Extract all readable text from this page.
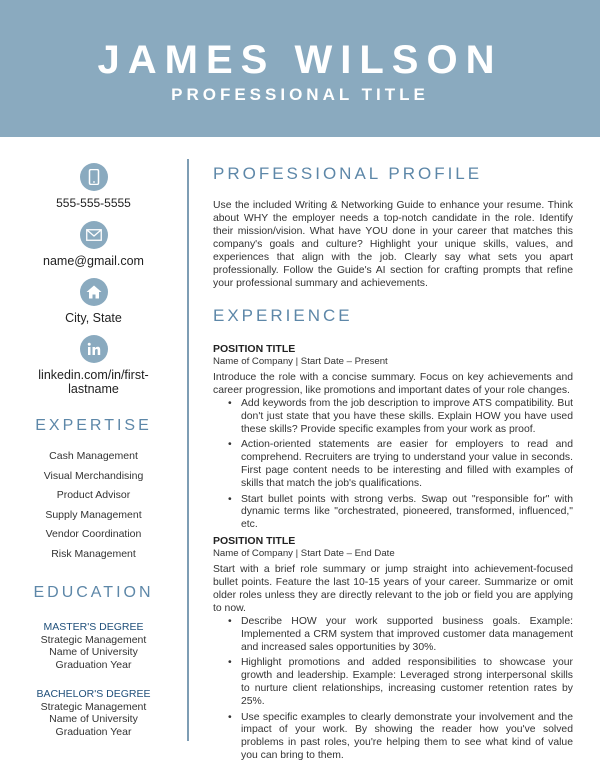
JAMES WILSON
PROFESSIONAL TITLE
555-555-5555
name@gmail.com
City, State
linkedin.com/in/first-
lastname
EXPERTISE
Cash Management
Visual Merchandising
Product Advisor
Supply Management
Vendor Coordination
Risk Management
EDUCATION
MASTER'S DEGREE
Strategic Management
Name of University
Graduation Year
BACHELOR'S DEGREE
Strategic Management
Name of University
Graduation Year
PROFESSIONAL PROFILE
Use the included Writing & Networking Guide to enhance your resume. Think about WHY the employer needs a top-notch candidate in the role. Identify their mission/vision. What have YOU done in your career that matches this company's goals and culture? Highlight your unique skills, values, and experiences that align with the job. Clearly say what sets you apart professionally. Follow the Guide's AI section for crafting prompts that refine your professional summary and achievements.
EXPERIENCE
POSITION TITLE
Name of Company | Start Date – Present
Introduce the role with a concise summary. Focus on key achievements and career progression, like promotions and important dates of your role changes.
• Add keywords from the job description to improve ATS compatibility. But don't just state that you have these skills. Explain HOW you have used these skills? Provide specific examples from your work as proof.
• Action-oriented statements are easier for employers to read and comprehend. Recruiters are trying to understand your value in seconds. First page content needs to be interesting and filled with examples of skills that match the job's qualifications.
• Start bullet points with strong verbs. Swap out "responsible for" with dynamic terms like "orchestrated, pioneered, transformed, influenced," etc.
POSITION TITLE
Name of Company | Start Date – End Date
Start with a brief role summary or jump straight into achievement-focused bullet points. Feature the last 10-15 years of your career. Summarize or omit older roles unless they are directly relevant to the job or field you are applying to now.
• Describe HOW your work supported business goals. Example: Implemented a CRM system that improved customer data management and increased sales opportunities by 30%.
• Highlight promotions and added responsibilities to showcase your growth and leadership. Example: Leveraged strong interpersonal skills to nurture client relationships, increasing customer retention rates by 25%.
• Use specific examples to clearly demonstrate your involvement and the impact of your work. By showing the reader how you've solved problems in past roles, you're helping them to see what kind of value you can bring to them.
